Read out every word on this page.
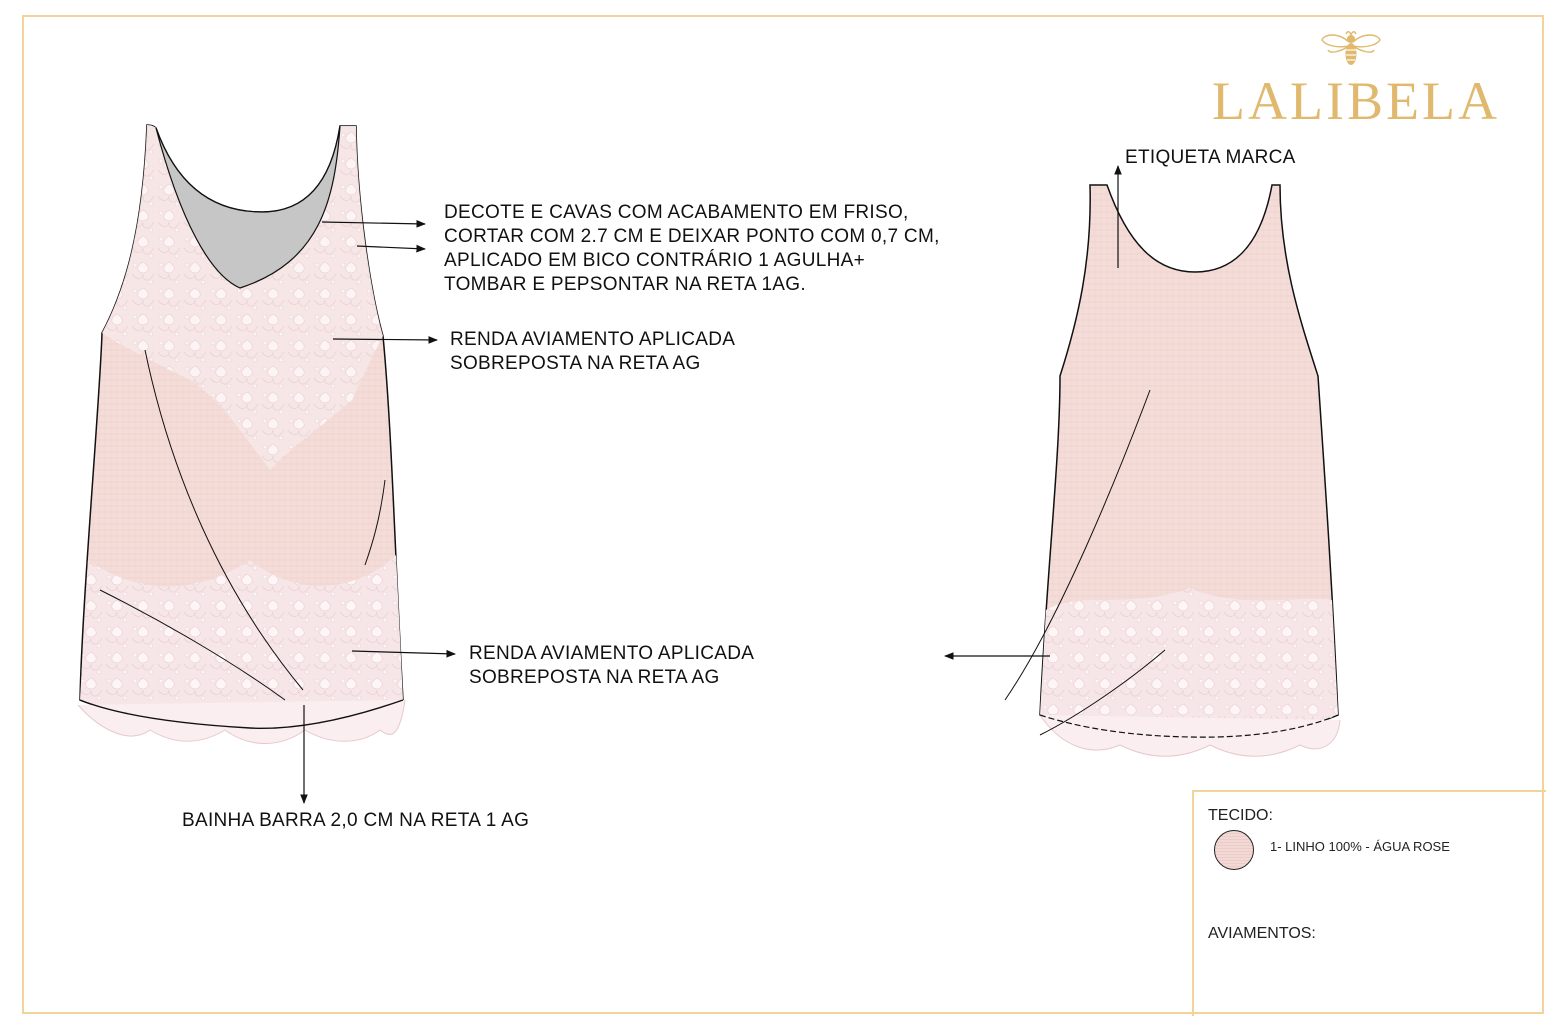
LALIBELA
DECOTE E CAVAS COM ACABAMENTO EM FRISO,
CORTAR COM 2.7 CM E DEIXAR PONTO COM 0,7 CM,
APLICADO EM BICO CONTRÁRIO 1 AGULHA+
TOMBAR E PEPSONTAR NA RETA 1AG.
RENDA AVIAMENTO APLICADA
SOBREPOSTA NA RETA AG
RENDA AVIAMENTO APLICADA
SOBREPOSTA NA RETA AG
BAINHA BARRA 2,0 CM NA RETA 1 AG
ETIQUETA MARCA
TECIDO:
1- LINHO 100% - ÁGUA ROSE
AVIAMENTOS:
